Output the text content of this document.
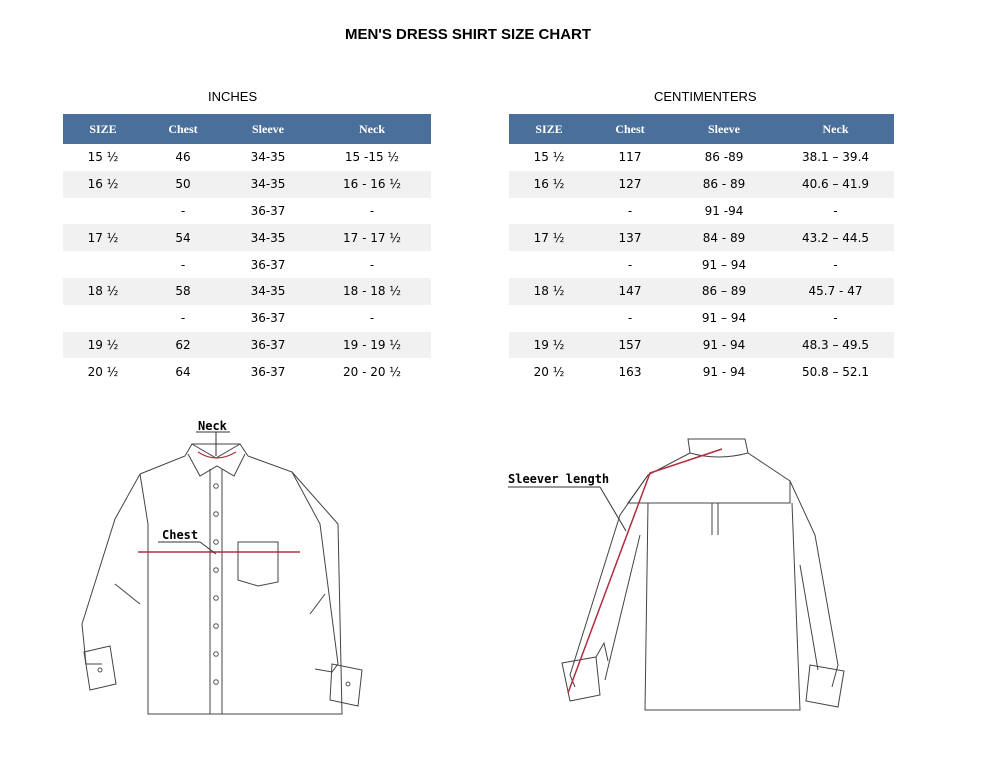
MEN'S DRESS SHIRT SIZE CHART
INCHES	CENTIMENTERS
SIZE	Chest	Sleeve	Neck
15 ½	46	34-35	15 -15 ½
16 ½	50	34-35	16 - 16 ½
	-	36-37	-
17 ½	54	34-35	17 - 17 ½
	-	36-37	-
18 ½	58	34-35	18 - 18 ½
	-	36-37	-
19 ½	62	36-37	19 - 19 ½
20 ½	64	36-37	20 - 20 ½
SIZE	Chest	Sleeve	Neck
15 ½	117	86 -89	38.1 – 39.4
16 ½	127	86 - 89	40.6 – 41.9
	-	91 -94	-
17 ½	137	84 - 89	43.2 – 44.5
	-	91 – 94	-
18 ½	147	86 – 89	45.7 - 47
	-	91 – 94	-
19 ½	157	91 - 94	48.3 – 49.5
20 ½	163	91 - 94	50.8 – 52.1
Neck
Chest
Sleever length
